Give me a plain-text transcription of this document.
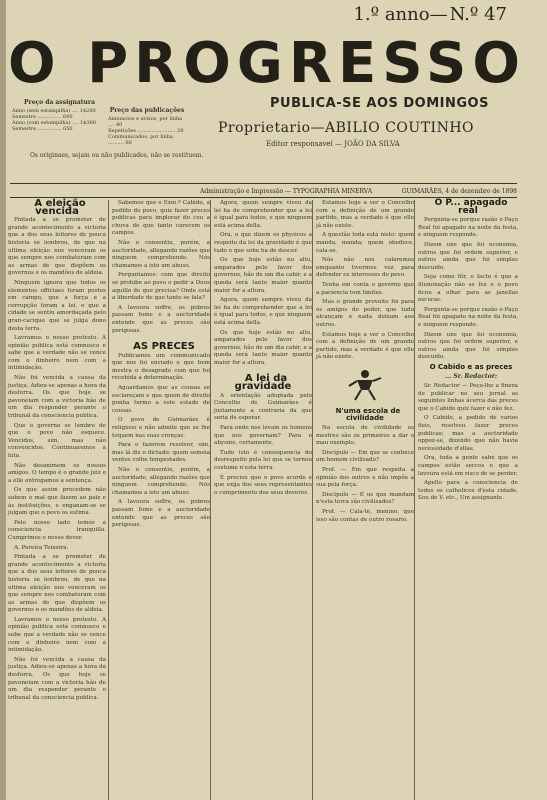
1.º anno— N.º 47
O PROGRESSO
Preço da assignatura
Anno (sem estampilha) .... 1$200
Semestre ............... 600
Anno (com estampilha) .... 1$300
Semestre ............... 650
Preço das publicações
Annuncios e avisos, por linha .... 40
Repetições ........................ 20
Communicados, por linha .......... 60
PUBLICA-SE AOS DOMINGOS
Proprietario—ABILIO COUTINHO
Editor responsavel — JOÃO DA SILVA
Os originaes, sejam ou não publicados, não se restituem.
Administração e Impressão — TYPOGRAPHIA MINERVA	GUIMARÃES, 4 de dezembro de 1898

A eleição vencida

Pintada a se prometer de grande acontecimento a victoria que a dos seus leitores de pouca historia se lembrou, de que na ultima eleição nos venceram os que sempre nos combateram com as armas de que dispõem os governos e os mandões de aldeia.

Ninguem ignora que todos os elementos officiaes foram postos em campo, que a força e a corrupção foram a lei, e que a cidade se sentiu amordaçada pelo gran-cacique que se julga dono desta terra.

Lavramos o nosso protesto. A opinião publica está comnosco e sabe que a verdade não se vence com o dinheiro nem com a intimidação.

Não foi vencida a causa da justiça. Adiou-se apenas a hora da desforra. Os que hoje se pavoneiam com a victoria hão de um dia responder perante o tribunal da consciencia publica.

Que o governo se lembre de que o povo não esquece. Vencidos, sim, mas não convencidos. Continuaremos a luta.

Não desanimem os nossos amigos. O tempo é o grande juiz e a elle entregamos a sentença.

Os que assim procedem não sabem o mal que fazem ao paiz e ás instituições, e enganam-se se julgam que o povo os estima.

Pelo nosso lado temos a consciencia tranquilla. Cumprimos o nosso dever.

A. Pereira Teixeira.

Pintada a se prometer de grande acontecimento a victoria que a dos seus leitores de pouca historia se lembrou, de que na ultima eleição nos venceram os que sempre nos combateram com as armas de que dispõem os governos e os mandões de aldeia.

Lavramos o nosso protesto. A opinião publica está comnosco e sabe que a verdade não se vence com o dinheiro nem com a intimidação.

Não foi vencida a causa da justiça. Adiou-se apenas a hora da desforra. Os que hoje se pavoneiam com a victoria hão de um dia responder perante o tribunal da consciencia publica.

Sabemos que o Exm.º Cabido, a pedido do povo, quiz fazer preces publicas para implorar do ceu a chuva de que tanto carecem os campos.

Não o consentiu, porém, a auctoridade, allegando razões que ninguem comprehende. Nós chamamos a isto um abuso.

Perguntamos: com que direito se prohibe ao povo o pedir a Deus aquillo de que precisa? Onde está a liberdade de que tanto se fala?

A lavoura soffre, os pobres passam fome e a auctoridade entende que as preces são perigosas.

AS PRECES

Publicamos um communicado que nos foi enviado e que bem mostra o desagrado com que foi recebida a determinação.

Aguardamos que as cousas se esclareçam e que quem de direito ponha termo a este estado de cousas.

O povo de Guimarães é religioso e não admite que se lhe toquem nas suas crenças.

Para o fazerem resolver, sim, mas lá diz o dictado: quem semeia ventos colhe tempestades.

Não o consentiu, porém, a auctoridade, allegando razões que ninguem comprehende. Nós chamamos a isto um abuso.

A lavoura soffre, os pobres passam fome e a auctoridade entende que as preces são perigosas.

Agora, quem sempre viveu da lei ha de comprehender que a lei é igual para todos, e que ninguem está acima della.

Ora, o que dizem os physicos a respeito da lei da gravidade é que tudo o que sobe ha de descer.

Os que hoje estão no alto, amparados pelo favor dos governos, hão de um dia cahir, e a queda será tanto maior quanto maior for a altura.

Agora, quem sempre viveu da lei ha de comprehender que a lei é igual para todos, e que ninguem está acima della.

Os que hoje estão no alto, amparados pelo favor dos governos, hão de um dia cahir, e a queda será tanto maior quanto maior for a altura.

A lei da gravidade

A orientação adoptada pelo Concelho de Guimarães é justamente a contraria da que seria de esperar.

Para onde nos levam os homens que nos governam? Para o abysmo, certamente.

Tudo isto é consequencia do desrespeito pela lei que se tornou costume n'esta terra.

É preciso que o povo acorde e que exija dos seus representantes o cumprimento dos seus deveres.

Estamos hoje a ver o Concelho com a definição de um grande partido, mas a verdade é que elle já não existe.

A questão toda está nisto: quem manda, manda; quem obedece, cala-se.

Nós não nos calaremos emquanto tivermos voz para defender os interesses do povo.

Tenha em conta o governo que a paciencia tem limites.

Mas o grande proveito foi para os amigos do poder, que tudo alcançam e nada deixam aos outros.

Estamos hoje a ver o Concelho com a definição de um grande partido, mas a verdade é que elle já não existe.

N'uma escola de civilidade

Na escola de civilidade os mestres são os primeiros a dar o mau exemplo.

Discipulo — Em que se conhece um homem civilisado?

Prof. — Em que respeita a opinião dos outros e não impõe a sua pela força.

Discipulo — E os que mandam n'esta terra são civilisados?

Prof. — Cala-te, menino, que isso são contas de outro rosario.

O P... apagado real

Pergunta-se porque razão o Paço Real foi apagado na noite da festa, e ninguem responde.

Dizem uns que foi economia, outros que foi ordem superior, e outros ainda que foi simples descuido.

Seja como fôr, o facto é que a illuminação não se fez e o povo ficou a olhar para as janellas escuras.

Pergunta-se porque razão o Paço Real foi apagado na noite da festa, e ninguem responde.

Dizem uns que foi economia, outros que foi ordem superior, e outros ainda que foi simples descuido.

O Cabido e as preces

... Sr. Redactor:

Sr. Redactor — Peço-lhe a fineza de publicar no seu jornal as seguintes linhas ácerca das preces que o Cabido quiz fazer e não fez.

O Cabido, a pedido de varios fieis, resolveu fazer preces publicas; mas a auctoridade oppoz-se, dizendo que não havia necessidade d'ellas.

Ora, toda a gente sabe que os campos estão seccos e que a lavoura está em risco de se perder.

Apello para a consciencia de todos os catholicos d'esta cidade. Sou de V. etc., Um assignante.
